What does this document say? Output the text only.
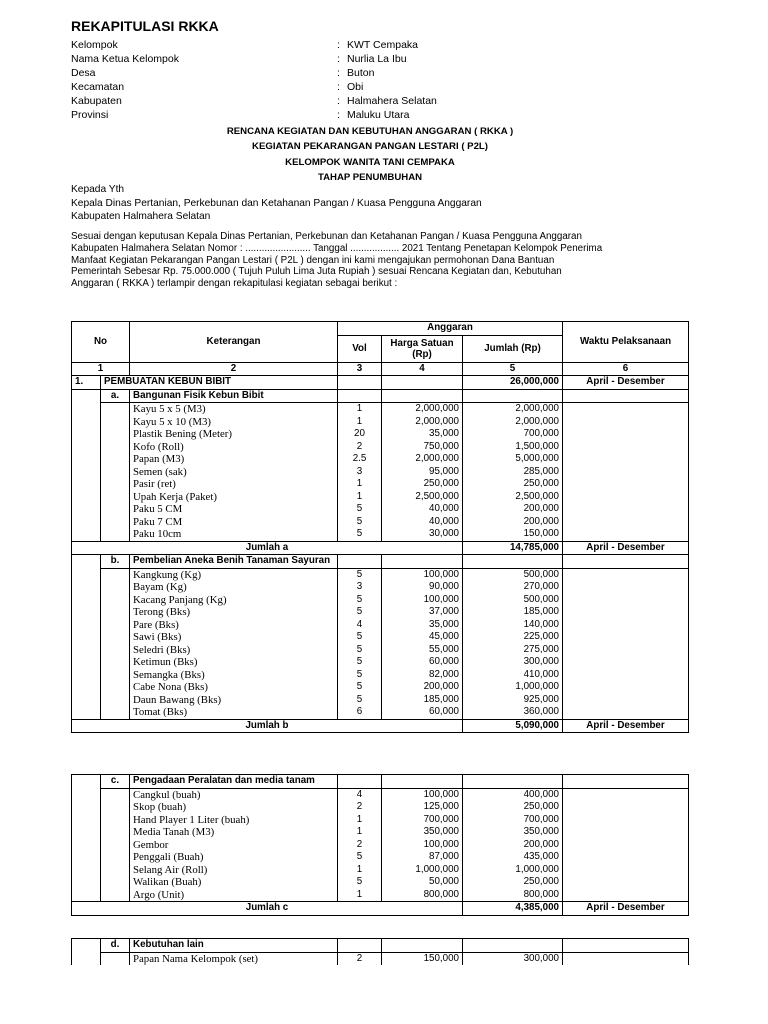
REKAPITULASI RKKA
Kelompok	: KWT Cempaka
Nama Ketua Kelompok	: Nurlia La Ibu
Desa	: Buton
Kecamatan	: Obi
Kabupaten	: Halmahera Selatan
Provinsi	: Maluku Utara
RENCANA KEGIATAN DAN KEBUTUHAN ANGGARAN ( RKKA )
KEGIATAN PEKARANGAN PANGAN LESTARI ( P2L)
KELOMPOK WANITA TANI CEMPAKA
TAHAP PENUMBUHAN
Kepada Yth
Kepala Dinas Pertanian, Perkebunan dan Ketahanan Pangan / Kuasa Pengguna Anggaran
Kabupaten Halmahera Selatan
Sesuai dengan keputusan Kepala Dinas Pertanian, Perkebunan dan Ketahanan Pangan / Kuasa Pengguna Anggaran
Kabupaten Halmahera Selatan Nomor : ........................ Tanggal .................. 2021 Tentang Penetapan Kelompok Penerima
Manfaat Kegiatan Pekarangan Pangan Lestari ( P2L ) dengan ini kami mengajukan permohonan Dana Bantuan
Pemerintah Sebesar Rp. 75.000.000 ( Tujuh Puluh Lima Juta Rupiah ) sesuai Rencana Kegiatan dan, Kebutuhan
Anggaran ( RKKA ) terlampir dengan rekapitulasi kegiatan sebagai berikut :
No		Keterangan	Anggaran			Waktu Pelaksanaan
			Vol	Harga Satuan (Rp)	Jumlah (Rp)	
1		2	3	4	5	6
1.	PEMBUATAN KEBUN BIBIT				26,000,000	April - Desember
	a.	Bangunan Fisik Kebun Bibit				
		Kayu 5 x 5 (M3)	1	2,000,000	2,000,000	
		Kayu 5 x 10 (M3)	1	2,000,000	2,000,000	
		Plastik Bening (Meter)	20	35,000	700,000	
		Kofo (Roll)	2	750,000	1,500,000	
		Papan (M3)	2.5	2,000,000	5,000,000	
		Semen (sak)	3	95,000	285,000	
		Pasir (ret)	1	250,000	250,000	
		Upah Kerja (Paket)	1	2,500,000	2,500,000	
		Paku 5 CM	5	40,000	200,000	
		Paku 7 CM	5	40,000	200,000	
		Paku 10cm	5	30,000	150,000	
Jumlah a					14,785,000	April - Desember
	b.	Pembelian Aneka Benih Tanaman Sayuran				
		Kangkung (Kg)	5	100,000	500,000	
		Bayam (Kg)	3	90,000	270,000	
		Kacang Panjang (Kg)	5	100,000	500,000	
		Terong (Bks)	5	37,000	185,000	
		Pare (Bks)	4	35,000	140,000	
		Sawi (Bks)	5	45,000	225,000	
		Seledri (Bks)	5	55,000	275,000	
		Ketimun (Bks)	5	60,000	300,000	
		Semangka (Bks)	5	82,000	410,000	
		Cabe Nona (Bks)	5	200,000	1,000,000	
		Daun Bawang (Bks)	5	185,000	925,000	
		Tomat (Bks)	6	60,000	360,000	
Jumlah b					5,090,000	April - Desember
	c.	Pengadaan Peralatan dan media tanam				
		Cangkul (buah)	4	100,000	400,000	
		Skop (buah)	2	125,000	250,000	
		Hand Player 1 Liter (buah)	1	700,000	700,000	
		Media Tanah (M3)	1	350,000	350,000	
		Gembor	2	100,000	200,000	
		Penggali (Buah)	5	87,000	435,000	
		Selang Air (Roll)	1	1,000,000	1,000,000	
		Walikan (Buah)	5	50,000	250,000	
		Argo (Unit)	1	800,000	800,000	
Jumlah c					4,385,000	April - Desember
	d.	Kebutuhan lain				
		Papan Nama Kelompok (set)	2	150,000	300,000	
